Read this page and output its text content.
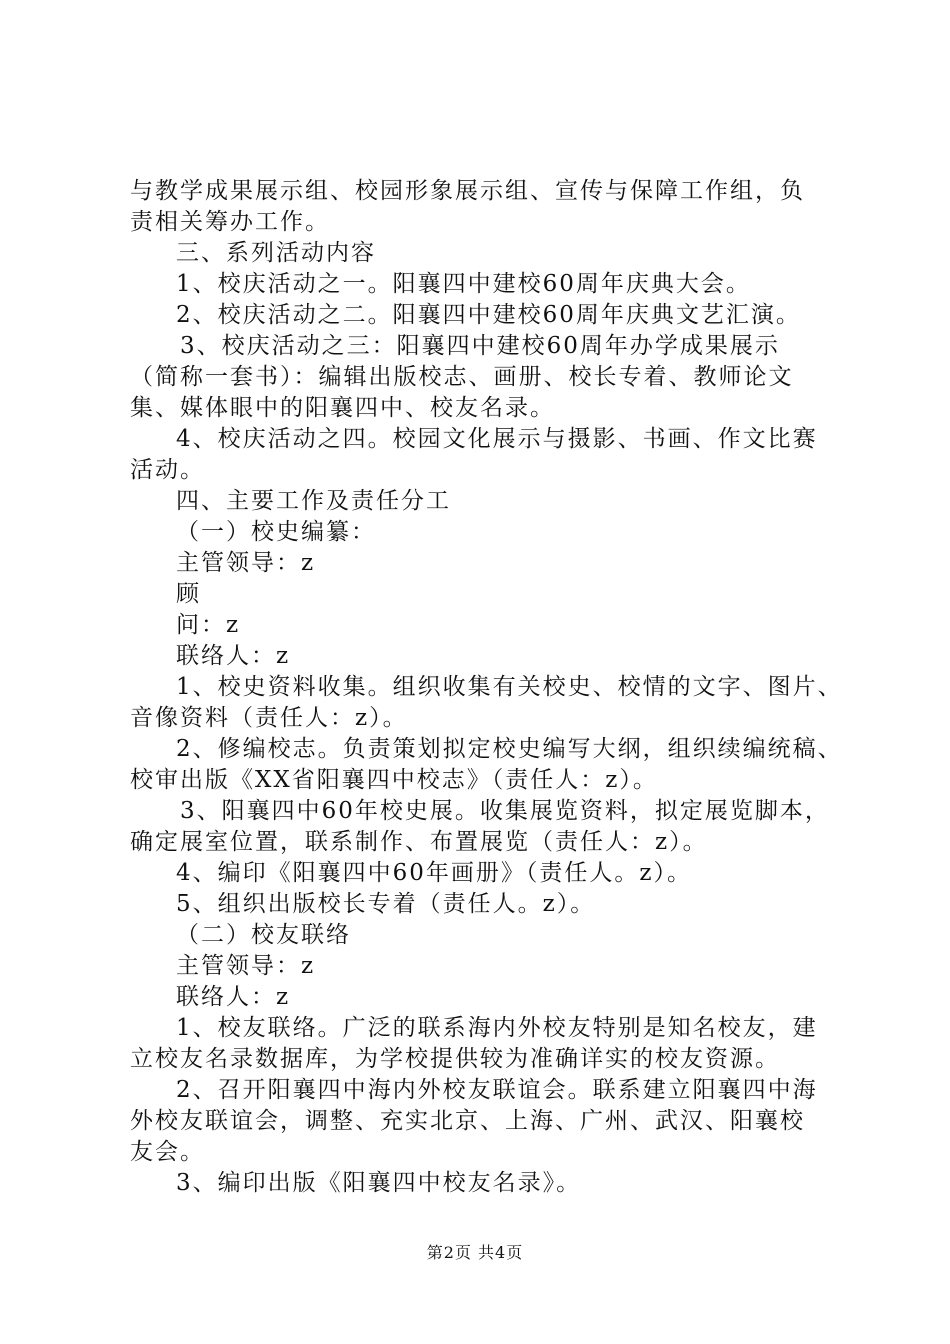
与教学成果展示组、校园形象展示组、宣传与保障工作组，负
责相关筹办工作。
三、系列活动内容
1、校庆活动之一。阳襄四中建校60周年庆典大会。
2、校庆活动之二。阳襄四中建校60周年庆典文艺汇演。
3、校庆活动之三：阳襄四中建校60周年办学成果展示
（简称一套书）：编辑出版校志、画册、校长专着、教师论文
集、媒体眼中的阳襄四中、校友名录。
4、校庆活动之四。校园文化展示与摄影、书画、作文比赛
活动。
四、主要工作及责任分工
（一）校史编纂：
主管领导：z
顾
问：z
联络人：z
1、校史资料收集。组织收集有关校史、校情的文字、图片、
音像资料（责任人：z）。
2、修编校志。负责策划拟定校史编写大纲，组织续编统稿、
校审出版《XX省阳襄四中校志》（责任人：z）。
3、阳襄四中60年校史展。收集展览资料，拟定展览脚本，
确定展室位置，联系制作、布置展览（责任人：z）。
4、编印《阳襄四中60年画册》（责任人。z）。
5、组织出版校长专着（责任人。z）。
（二）校友联络
主管领导：z
联络人：z
1、校友联络。广泛的联系海内外校友特别是知名校友，建
立校友名录数据库，为学校提供较为准确详实的校友资源。
2、召开阳襄四中海内外校友联谊会。联系建立阳襄四中海
外校友联谊会，调整、充实北京、上海、广州、武汉、阳襄校
友会。
3、编印出版《阳襄四中校友名录》。
第2页 共4页
